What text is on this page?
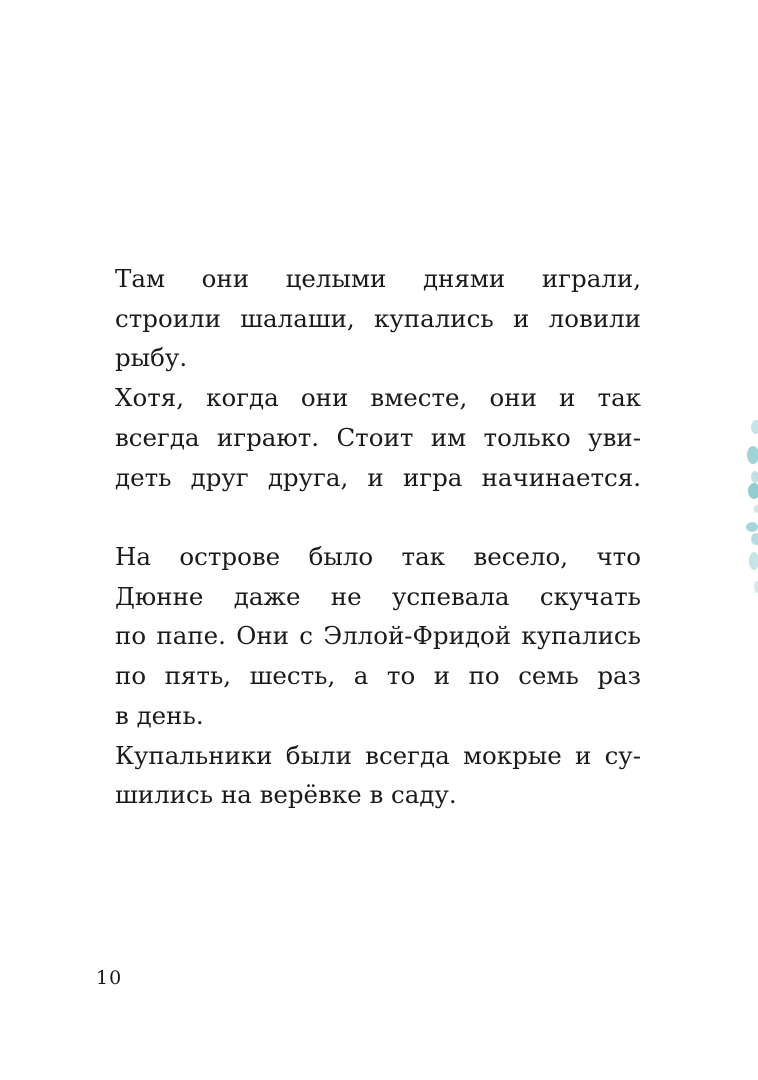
Там они целыми днями играли,
строили шалаши, купались и ловили
рыбу.
Хотя, когда они вместе, они и так
всегда играют. Стоит им только уви-
деть друг друга, и игра начинается.
На острове было так весело, что
Дюнне даже не успевала скучать
по папе. Они с Эллой-Фридой купались
по пять, шесть, а то и по семь раз
в день.
Купальники были всегда мокрые и су-
шились на верёвке в саду.
10
